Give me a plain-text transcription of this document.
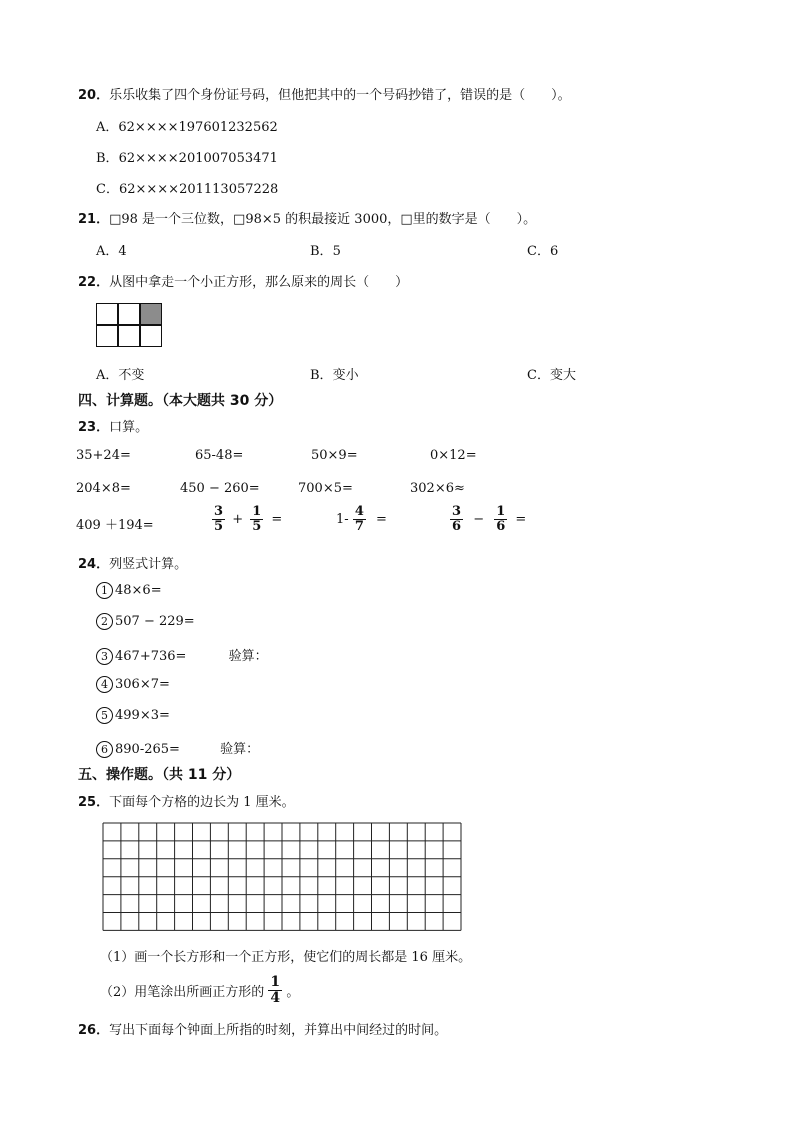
20．乐乐收集了四个身份证号码，但他把其中的一个号码抄错了，错误的是（　　）。
A．62××××197601232562
B．62××××201007053471
C．62××××201113057228
21．□98 是一个三位数，□98×5 的积最接近 3000，□里的数字是（　　）。
A．4	B．5	C．6
22．从图中拿走一个小正方形，那么原来的周长（　　）
A．不变	B．变小	C．变大
四、计算题。（本大题共 30 分）
23．口算。
35+24=	65-48=	50×9=	0×12=
204×8=	450 − 260=	700×5=	302×6≈
409 ＋194=	$\frac{3}{5} + \frac{1}{5}$ =	$1- \frac{4}{7}$ =	$\frac{3}{6} - \frac{1}{6}$ =
24．列竖式计算。
1 48×6=
2 507 − 229=
3 467+736=	验算：
4 306×7=
5 499×3=
6 890-265=	验算：
五、操作题。（共 11 分）
25．下面每个方格的边长为 1 厘米。
（1）画一个长方形和一个正方形，使它们的周长都是 16 厘米。
（2）用笔涂出所画正方形的 $\frac{1}{4}$ 。
26．写出下面每个钟面上所指的时刻，并算出中间经过的时间。
